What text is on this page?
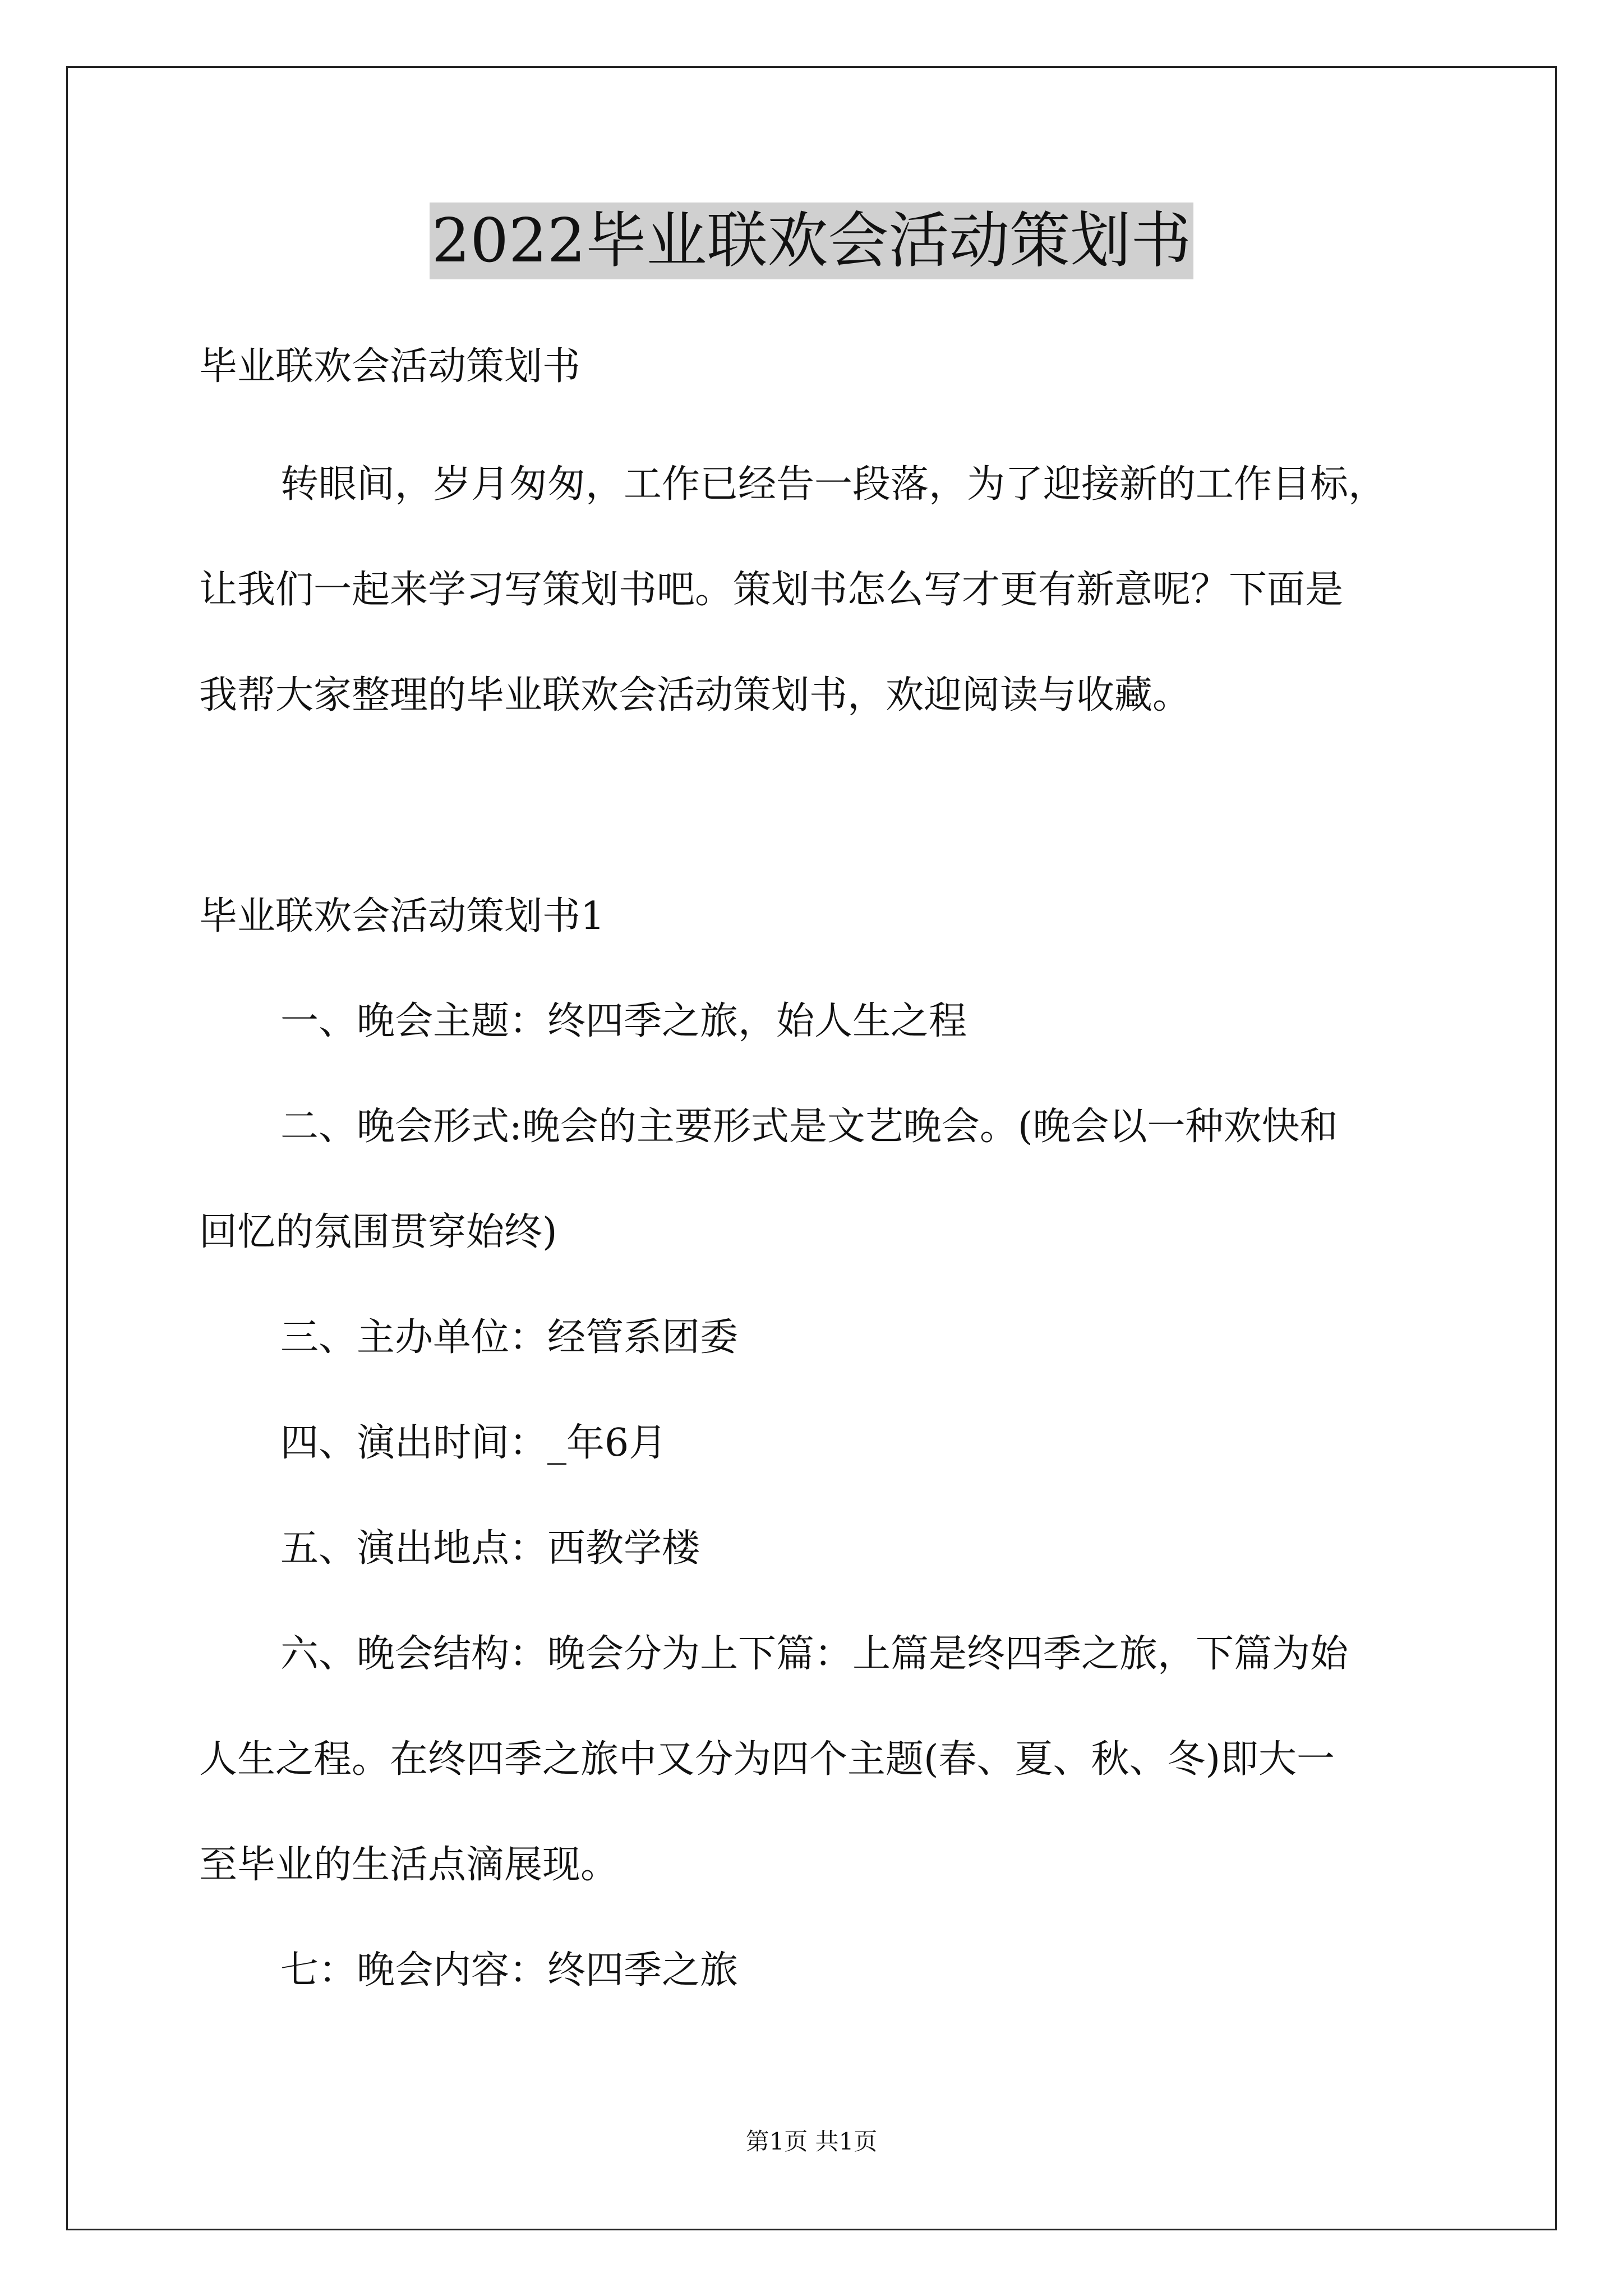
2022毕业联欢会活动策划书
毕业联欢会活动策划书
转眼间，岁月匆匆，工作已经告一段落，为了迎接新的工作目标，
让我们一起来学习写策划书吧。策划书怎么写才更有新意呢？下面是
我帮大家整理的毕业联欢会活动策划书，欢迎阅读与收藏。
毕业联欢会活动策划书1
一、晚会主题：终四季之旅，始人生之程
二、晚会形式:晚会的主要形式是文艺晚会。(晚会以一种欢快和
回忆的氛围贯穿始终)
三、主办单位：经管系团委
四、演出时间：_年6月
五、演出地点：西教学楼
六、晚会结构：晚会分为上下篇：上篇是终四季之旅，下篇为始
人生之程。在终四季之旅中又分为四个主题(春、夏、秋、冬)即大一
至毕业的生活点滴展现。
七：晚会内容：终四季之旅
第1页 共1页
